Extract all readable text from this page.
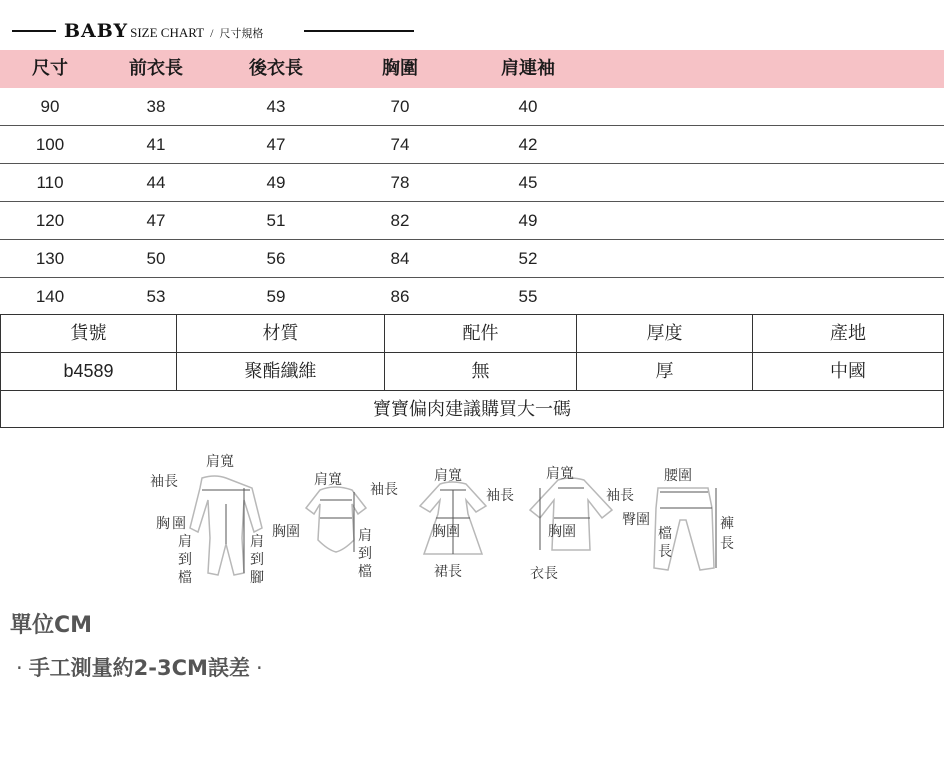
BABY SIZE CHART / 尺寸規格
尺寸	前衣長	後衣長	胸圍	肩連袖
90	38	43	70	40
100	41	47	74	42
110	44	49	78	45
120	47	51	82	49
130	50	56	84	52
140	53	59	86	55
貨號	材質	配件	厚度	產地
b4589	聚酯纖維	無	厚	中國
寶寶偏肉建議購買大一碼
肩寬
袖長
胸 圍
肩
到
檔
肩
到
腳
肩寬
袖長
胸圍	肩
到
檔
肩寬
袖長
胸圍
裙長
肩寬
袖長
胸圍
衣長
腰圍
臀圍
檔
長
褲
長
單位CM
· 手工測量約2-3CM誤差 ·
